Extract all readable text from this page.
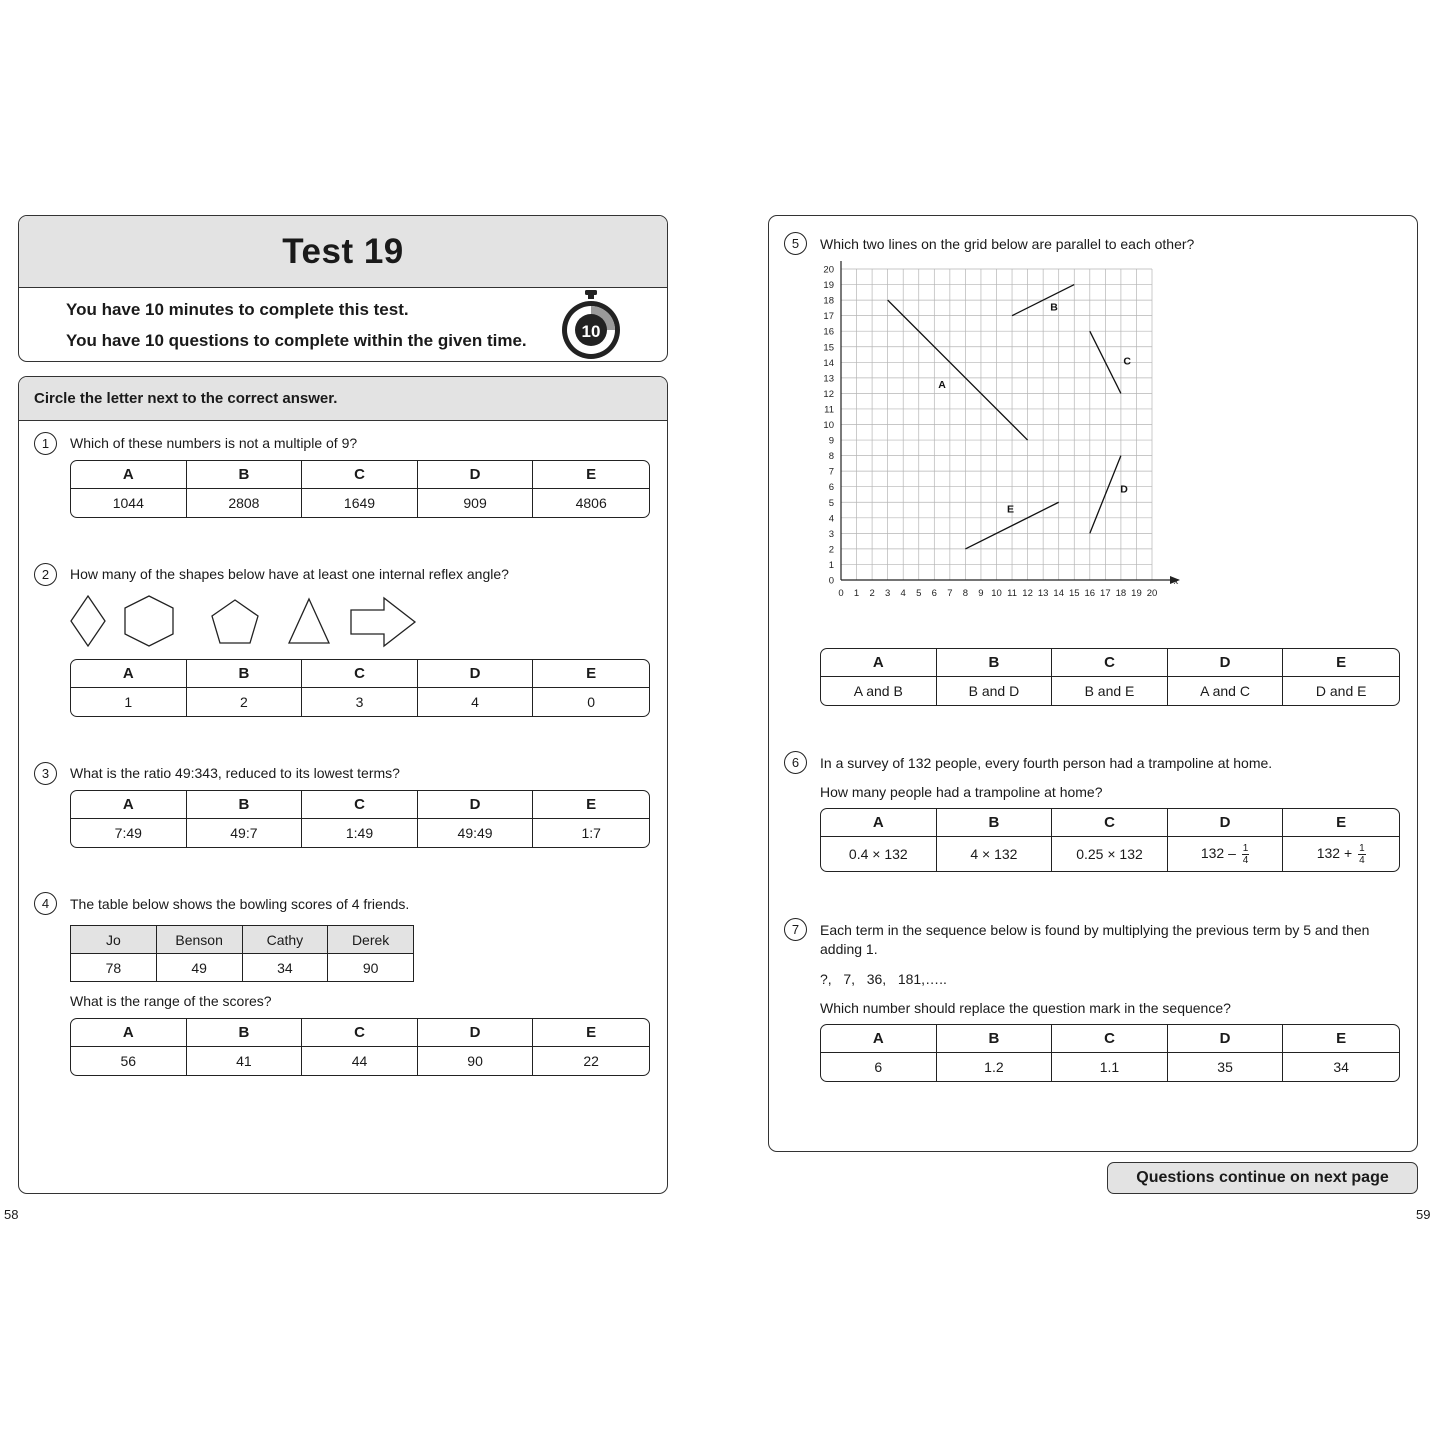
Test 19
You have 10 minutes to complete this test.
You have 10 questions to complete within the given time.	10
Circle the letter next to the correct answer.
1	Which of these numbers is not a multiple of 9?
A	B	C	D	E
1044	2808	1649	909	4806
2	How many of the shapes below have at least one internal reflex angle?
A	B	C	D	E
1	2	3	4	0
3	What is the ratio 49:343, reduced to its lowest terms?
A	B	C	D	E
7:49	49:7	1:49	49:49	1:7
4	The table below shows the bowling scores of 4 friends.
Jo	Benson	Cathy	Derek
78	49	34	90
What is the range of the scores?
A	B	C	D	E
56	41	44	90	22
5	Which two lines on the grid below are parallel to each other?
0 1 2 3 4 5 6 7 8 9 10 11 12 13 14 15 16 17 18 19 20
0
1
2
3
4
5
6
7
8
9
10
11
12
13
14
15
16
17
18
19
20
A
B
C
D
E
x
A	B	C	D	E
A and B	B and D	B and E	A and C	D and E
6	In a survey of 132 people, every fourth person had a trampoline at home.
How many people had a trampoline at home?
A	B	C	D	E
0.4 × 132	4 × 132	0.25 × 132	$132 - \frac{1}{4}$	$132 + \frac{1}{4}$
7	Each term in the sequence below is found by multiplying the previous term by 5 and then
adding 1.
?,   7,   36,   181,…..
Which number should replace the question mark in the sequence?
A	B	C	D	E
6	1.2	1.1	35	34
Questions continue on next page
58	59
